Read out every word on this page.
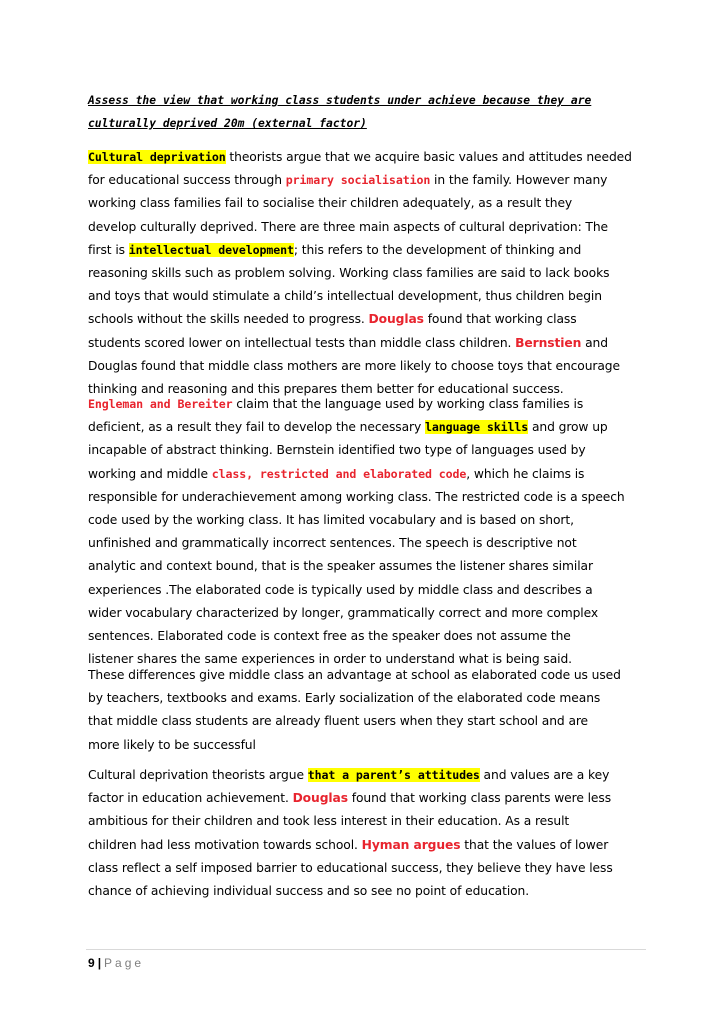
Assess the view that working class students under achieve because they are
culturally deprived 20m (external factor)
Cultural deprivation theorists argue that we acquire basic values and attitudes needed
for educational success through primary socialisation in the family. However many
working class families fail to socialise their children adequately, as a result they
develop culturally deprived. There are three main aspects of cultural deprivation: The
first is intellectual development; this refers to the development of thinking and
reasoning skills such as problem solving. Working class families are said to lack books
and toys that would stimulate a child’s intellectual development, thus children begin
schools without the skills needed to progress. Douglas found that working class
students scored lower on intellectual tests than middle class children. Bernstien and
Douglas found that middle class mothers are more likely to choose toys that encourage
thinking and reasoning and this prepares them better for educational success.
Engleman and Bereiter claim that the language used by working class families is
deficient, as a result they fail to develop the necessary language skills and grow up
incapable of abstract thinking. Bernstein identified two type of languages used by
working and middle class, restricted and elaborated code, which he claims is
responsible for underachievement among working class. The restricted code is a speech
code used by the working class. It has limited vocabulary and is based on short,
unfinished and grammatically incorrect sentences. The speech is descriptive not
analytic and context bound, that is the speaker assumes the listener shares similar
experiences .The elaborated code is typically used by middle class and describes a
wider vocabulary characterized by longer, grammatically correct and more complex
sentences. Elaborated code is context free as the speaker does not assume the
listener shares the same experiences in order to understand what is being said.
These differences give middle class an advantage at school as elaborated code us used
by teachers, textbooks and exams. Early socialization of the elaborated code means
that middle class students are already fluent users when they start school and are
more likely to be successful
Cultural deprivation theorists argue that a parent’s attitudes and values are a key
factor in education achievement. Douglas found that working class parents were less
ambitious for their children and took less interest in their education. As a result
children had less motivation towards school. Hyman argues that the values of lower
class reflect a self imposed barrier to educational success, they believe they have less
chance of achieving individual success and so see no point of education.
9 | Page
